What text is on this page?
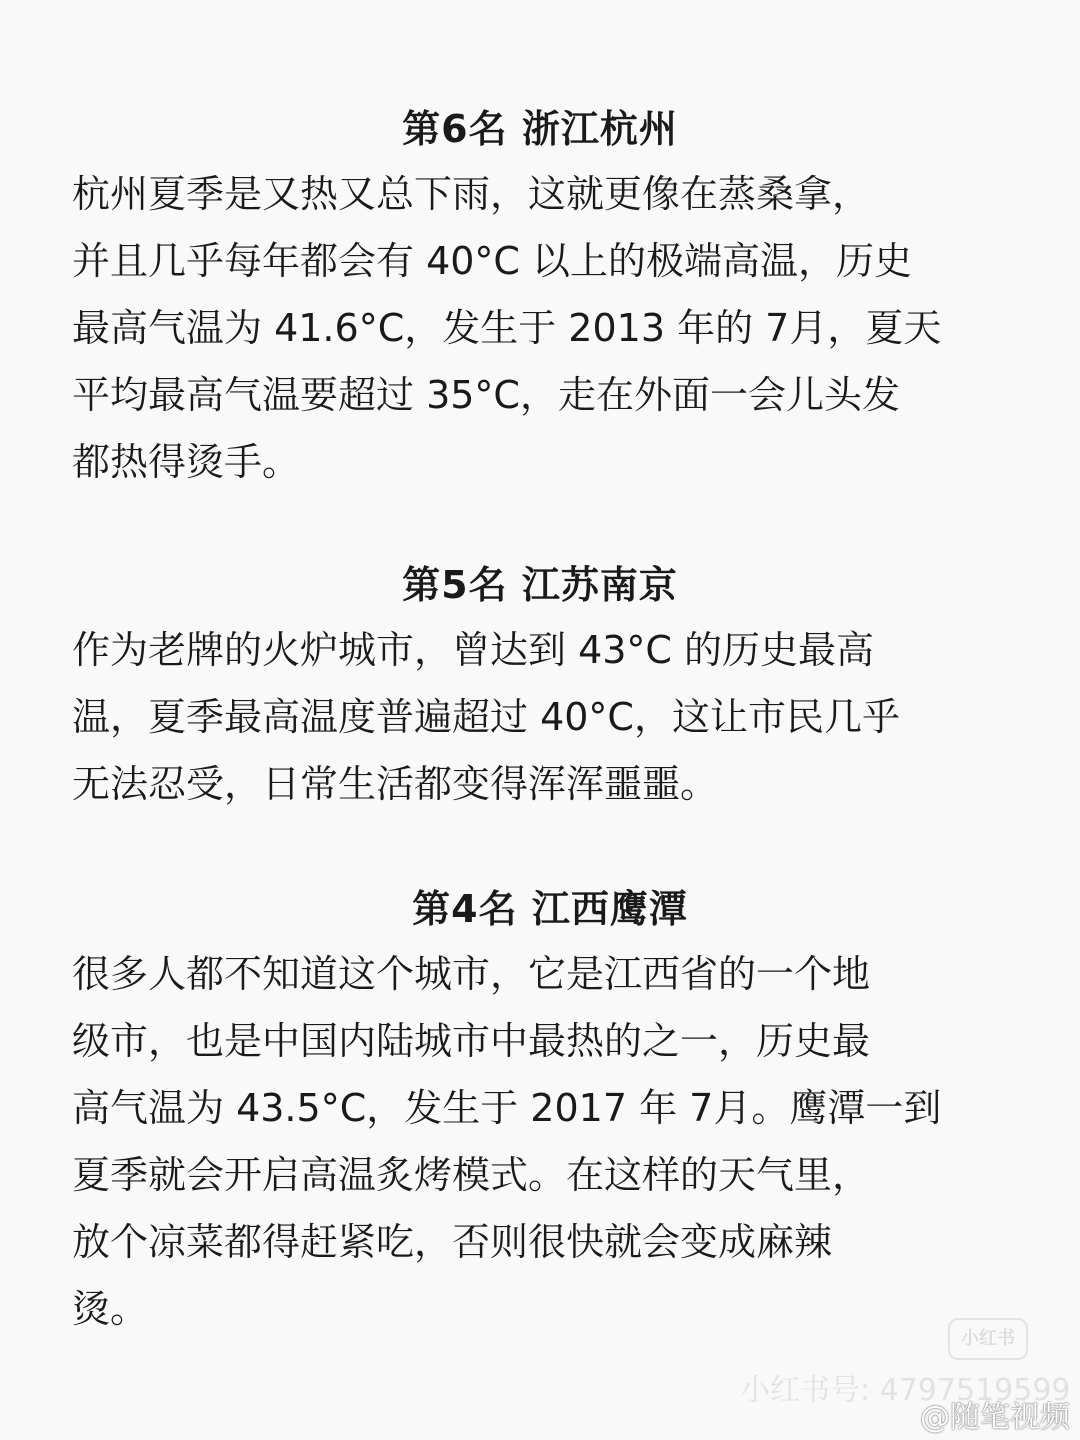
第6名 浙江杭州

杭州夏季是又热又总下雨，这就更像在蒸桑拿，
并且几乎每年都会有 40°C 以上的极端高温，历史
最高气温为 41.6°C，发生于 2013 年的 7月，夏天
平均最高气温要超过 35°C，走在外面一会儿头发
都热得烫手。

第5名 江苏南京

作为老牌的火炉城市，曾达到 43°C 的历史最高
温，夏季最高温度普遍超过 40°C，这让市民几乎
无法忍受，日常生活都变得浑浑噩噩。

第4名 江西鹰潭

很多人都不知道这个城市，它是江西省的一个地
级市，也是中国内陆城市中最热的之一，历史最
高气温为 43.5°C，发生于 2017 年 7月。鹰潭一到
夏季就会开启高温炙烤模式。在这样的天气里，
放个凉菜都得赶紧吃，否则很快就会变成麻辣
烫。

小红书
小红书号: 4797519599
@随笔视频
